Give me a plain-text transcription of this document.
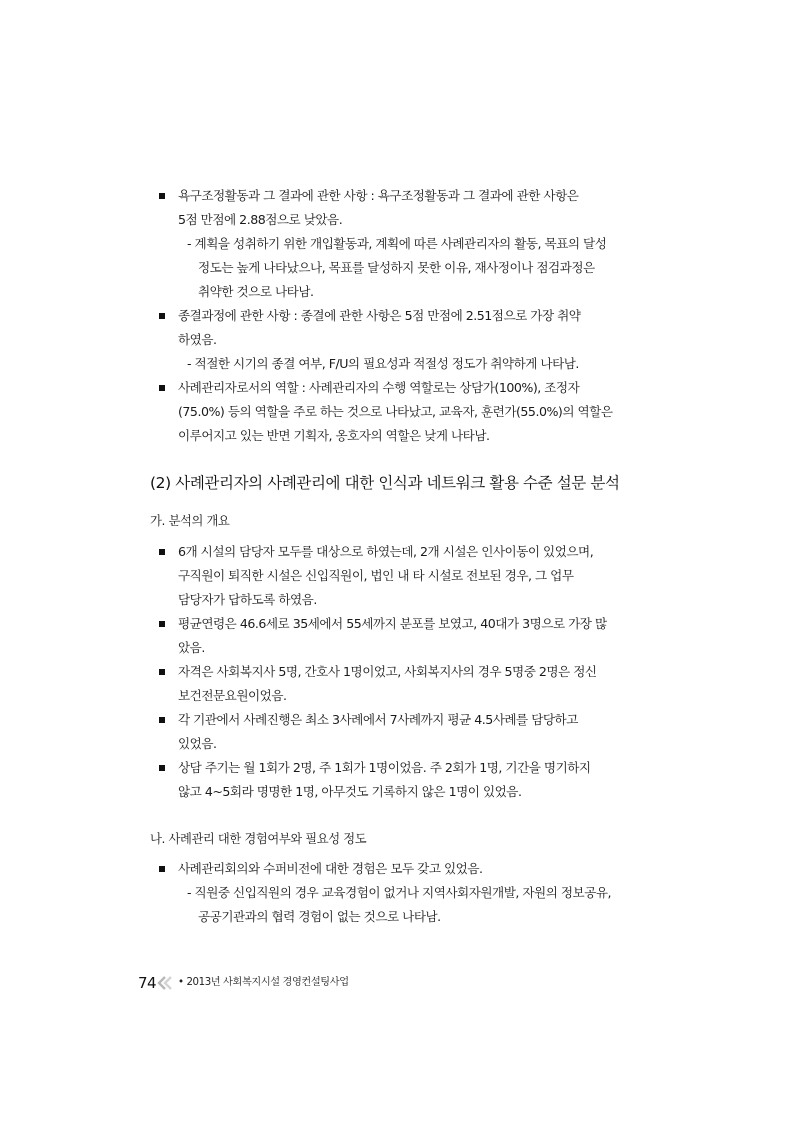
욕구조정활동과 그 결과에 관한 사항 : 욕구조정활동과 그 결과에 관한 사항은
5점 만점에 2.88점으로 낮았음.
- 계획을 성취하기 위한 개입활동과, 계획에 따른 사례관리자의 활동, 목표의 달성
정도는 높게 나타났으나, 목표를 달성하지 못한 이유, 재사정이나 점검과정은
취약한 것으로 나타남.
종결과정에 관한 사항 : 종결에 관한 사항은 5점 만점에 2.51점으로 가장 취약
하였음.
- 적절한 시기의 종결 여부, F/U의 필요성과 적절성 정도가 취약하게 나타남.
사례관리자로서의 역할 : 사례관리자의 수행 역할로는 상담가(100%), 조정자
(75.0%) 등의 역할을 주로 하는 것으로 나타났고, 교육자, 훈련가(55.0%)의 역할은
이루어지고 있는 반면 기획자, 옹호자의 역할은 낮게 나타남.
(2) 사례관리자의 사례관리에 대한 인식과 네트워크 활용 수준 설문 분석
가. 분석의 개요
6개 시설의 담당자 모두를 대상으로 하였는데, 2개 시설은 인사이동이 있었으며,
구직원이 퇴직한 시설은 신입직원이, 법인 내 타 시설로 전보된 경우, 그 업무
담당자가 답하도록 하였음.
평균연령은 46.6세로 35세에서 55세까지 분포를 보였고, 40대가 3명으로 가장 많
았음.
자격은 사회복지사 5명, 간호사 1명이었고, 사회복지사의 경우 5명중 2명은 정신
보건전문요원이었음.
각 기관에서 사례진행은 최소 3사례에서 7사례까지 평균 4.5사례를 담당하고
있었음.
상담 주기는 월 1회가 2명, 주 1회가 1명이었음. 주 2회가 1명, 기간을 명기하지
않고 4~5회라 명명한 1명, 아무것도 기록하지 않은 1명이 있었음.
나. 사례관리 대한 경험여부와 필요성 정도
사례관리회의와 수퍼비전에 대한 경험은 모두 갖고 있었음.
- 직원중 신입직원의 경우 교육경험이 없거나 지역사회자원개발, 자원의 정보공유,
공공기관과의 협력 경험이 없는 것으로 나타남.
74 • 2013년 사회복지시설 경영컨설팅사업
